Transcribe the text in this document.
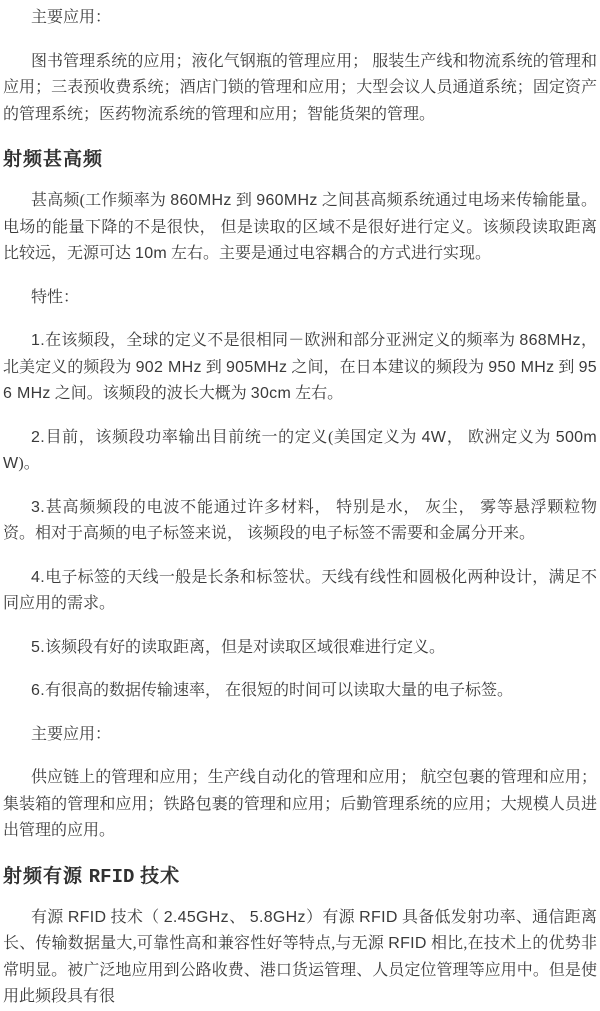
主要应用：

图书管理系统的应用；液化气钢瓶的管理应用； 服装生产线和物流系统的管理和应用；三表预收费系统；酒店门锁的管理和应用；大型会议人员通道系统；固定资产的管理系统；医药物流系统的管理和应用；智能货架的管理。

射频甚高频

甚高频(工作频率为 860MHz 到 960MHz 之间甚高频系统通过电场来传输能量。电场的能量下降的不是很快， 但是读取的区域不是很好进行定义。该频段读取距离比较远，无源可达 10m 左右。主要是通过电容耦合的方式进行实现。

特性：

1.在该频段，全球的定义不是很相同－欧洲和部分亚洲定义的频率为 868MHz，北美定义的频段为 902 MHz 到 905MHz 之间，在日本建议的频段为 950 MHz 到 956 MHz 之间。该频段的波长大概为 30cm 左右。

2.目前，该频段功率输出目前统一的定义(美国定义为 4W， 欧洲定义为 500mW)。

3.甚高频频段的电波不能通过许多材料， 特别是水， 灰尘， 雾等悬浮颗粒物资。相对于高频的电子标签来说， 该频段的电子标签不需要和金属分开来。

4.电子标签的天线一般是长条和标签状。天线有线性和圆极化两种设计，满足不同应用的需求。

5.该频段有好的读取距离，但是对读取区域很难进行定义。

6.有很高的数据传输速率， 在很短的时间可以读取大量的电子标签。

主要应用：

供应链上的管理和应用；生产线自动化的管理和应用； 航空包裹的管理和应用；集装箱的管理和应用；铁路包裹的管理和应用；后勤管理系统的应用；大规模人员进出管理的应用。

射频有源 RFID 技术

有源 RFID 技术（ 2.45GHz、 5.8GHz）有源 RFID 具备低发射功率、通信距离长、传输数据量大,可靠性高和兼容性好等特点,与无源 RFID 相比,在技术上的优势非常明显。被广泛地应用到公路收费、港口货运管理、人员定位管理等应用中。但是使用此频段具有很
